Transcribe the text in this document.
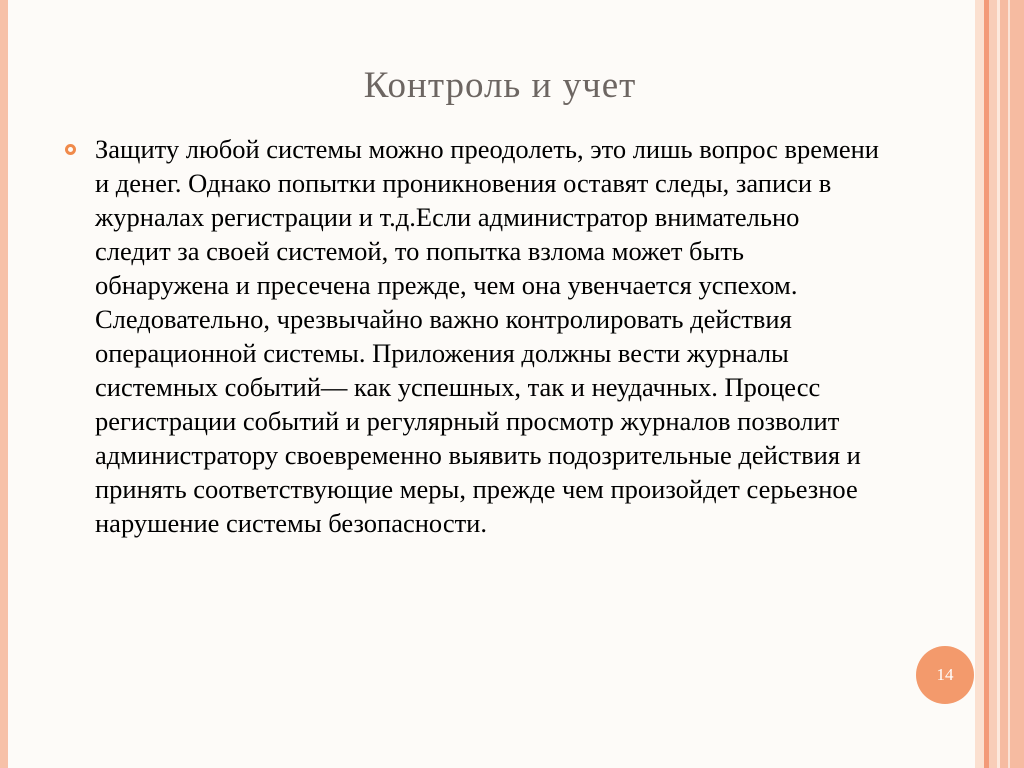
Контроль и учет
Защиту любой системы можно преодолеть, это лишь вопрос времени и денег. Однако попытки проникновения оставят следы, записи в журналах регистрации и т.д.Если администратор внимательно следит за своей системой, то попытка взлома может быть обнаружена и пресечена прежде, чем она увенчается успехом. Следовательно, чрезвычайно важно контролировать действия операционной системы. Приложения должны вести журналы системных событий— как успешных, так и неудачных. Процесс регистрации событий и регулярный просмотр журналов позволит администратору своевременно выявить подозрительные действия и принять соответствующие меры, прежде чем произойдет серьезное нарушение системы безопасности.
14
